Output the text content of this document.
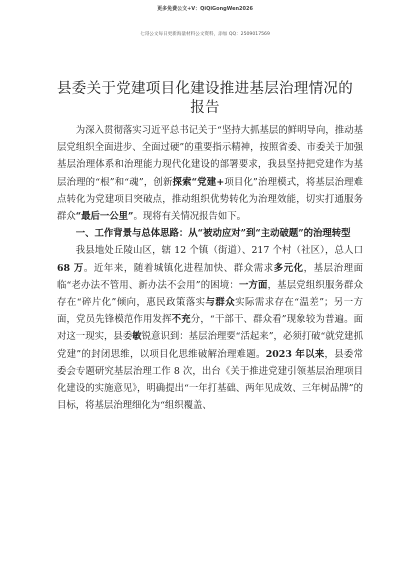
更多免费公文+V：QiQiGongWen2026
七哥公文每日更新海量材料公文资料，添加 QQ：2509017569
县委关于党建项目化建设推进基层治理情况的
报告

为深入贯彻落实习近平总书记关于“坚持大抓基层的鲜明导向，推动基层党组织全面进步、全面过硬”的重要指示精神，按照省委、市委关于加强基层治理体系和治理能力现代化建设的部署要求，我县坚持把党建作为基层治理的“根”和“魂”，创新探索“党建+项目化”治理模式，将基层治理难点转化为党建项目突破点，推动组织优势转化为治理效能，切实打通服务群众“最后一公里”。现将有关情况报告如下。

一、工作背景与总体思路：从“被动应对”到“主动破题”的治理转型

我县地处丘陵山区，辖 12 个镇（街道）、217 个村（社区），总人口68 万。近年来，随着城镇化进程加快、群众需求多元化，基层治理面临“老办法不管用、新办法不会用”的困境：一方面，基层党组织服务群众存在“碎片化”倾向，惠民政策落实与群众实际需求存在“温差”；另一方面，党员先锋模范作用发挥不充分，“干部干、群众看”现象较为普遍。面对这一现实，县委敏锐意识到：基层治理要“活起来”，必须打破“就党建抓党建”的封闭思维，以项目化思维破解治理难题。2023 年以来，县委常委会专题研究基层治理工作 8 次，出台《关于推进党建引领基层治理项目化建设的实施意见》，明确提出“一年打基础、两年见成效、三年树品牌”的目标，将基层治理细化为“组织覆盖、
